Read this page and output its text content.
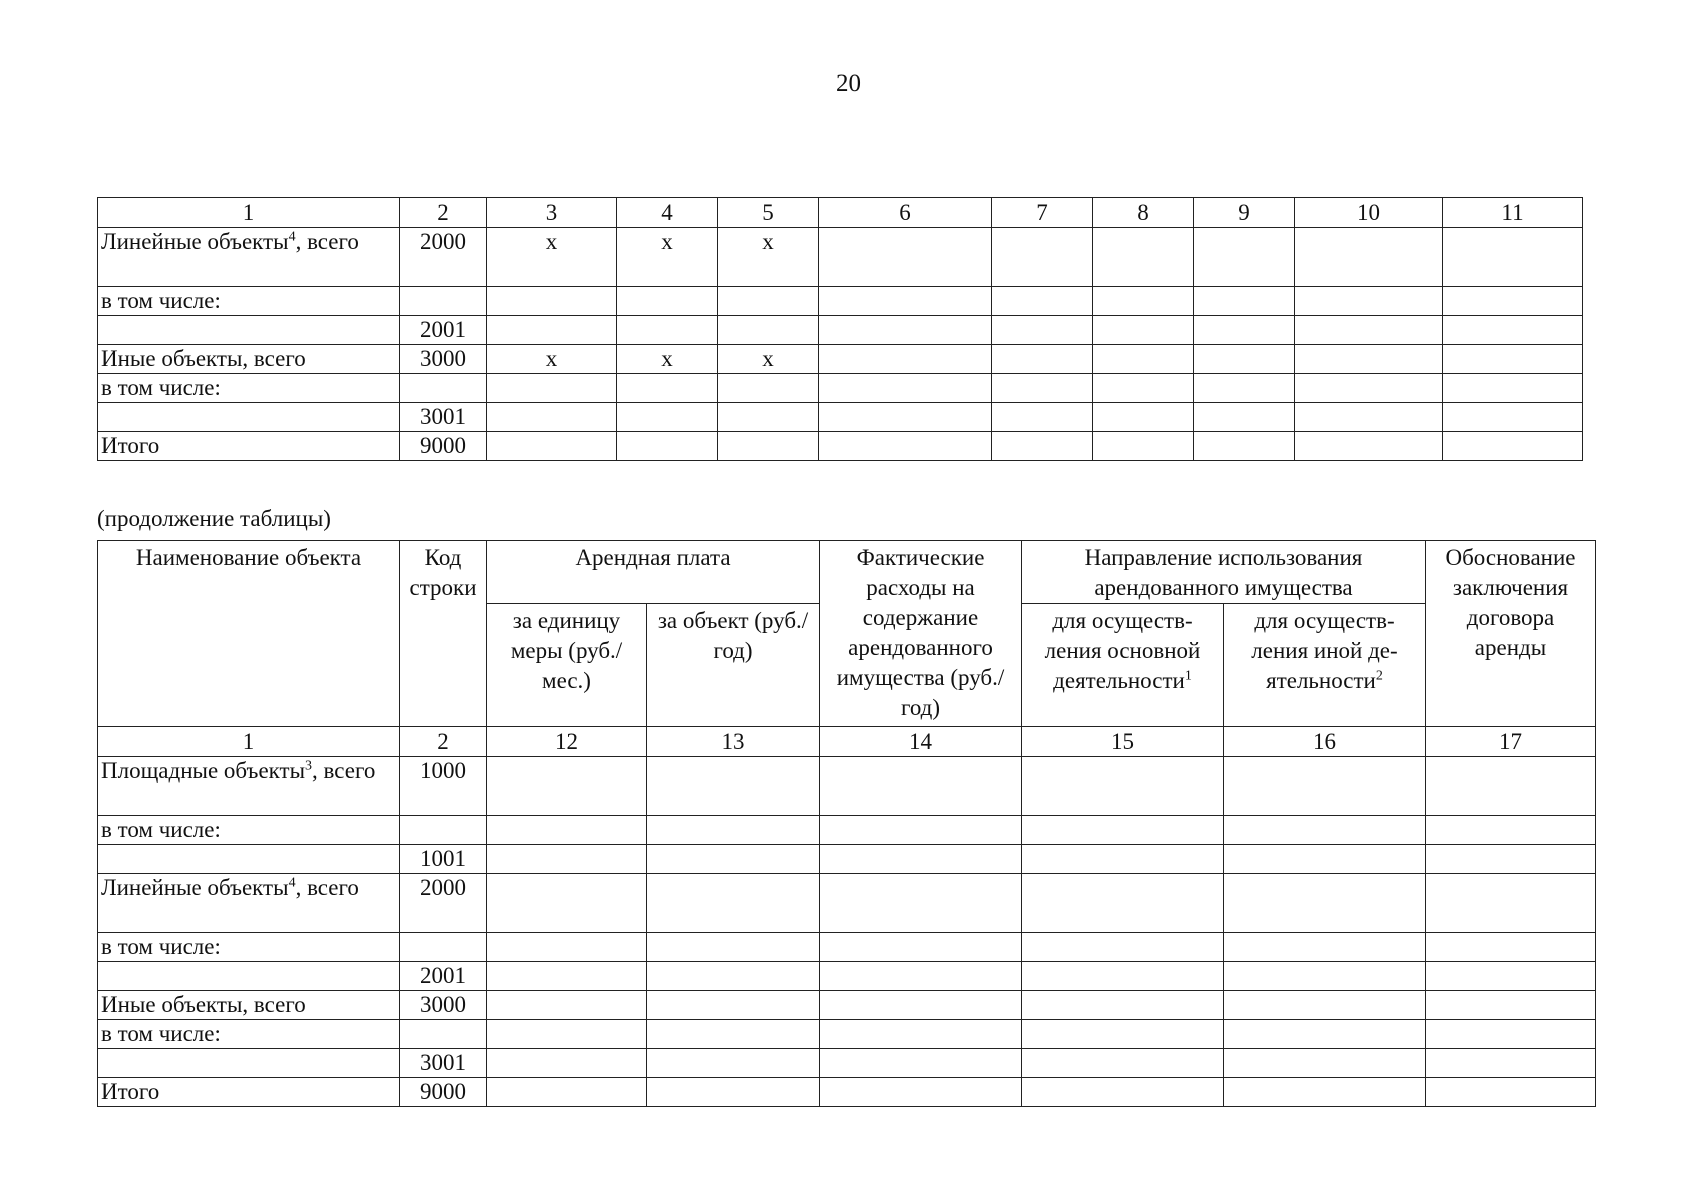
20
1	2	3	4	5	6	7	8	9	10	11
Линейные объекты$^4$, всего	2000	х	х	х						
в том числе:										
	2001									
Иные объекты, всего	3000	х	х	х						
в том числе:										
	3001									
Итого	9000									
(продолжение таблицы)
Наименование объекта	Код строки	Арендная плата		Фактические расходы на содержание арендованного имущества (руб./год)	Направление использования арендованного имущества		Обоснование заключения договора аренды
		за единицу меры (руб./мес.)	за объект (руб./год)		для осуществ-ления основной деятельности$^1$	для осуществ-ления иной де-ятельности$^2$
1	2	12	13	14	15	16	17
Площадные объекты$^3$, всего	1000						
в том числе:							
	1001						
Линейные объекты$^4$, всего	2000						
в том числе:							
	2001						
Иные объекты, всего	3000						
в том числе:							
	3001						
Итого	9000						
